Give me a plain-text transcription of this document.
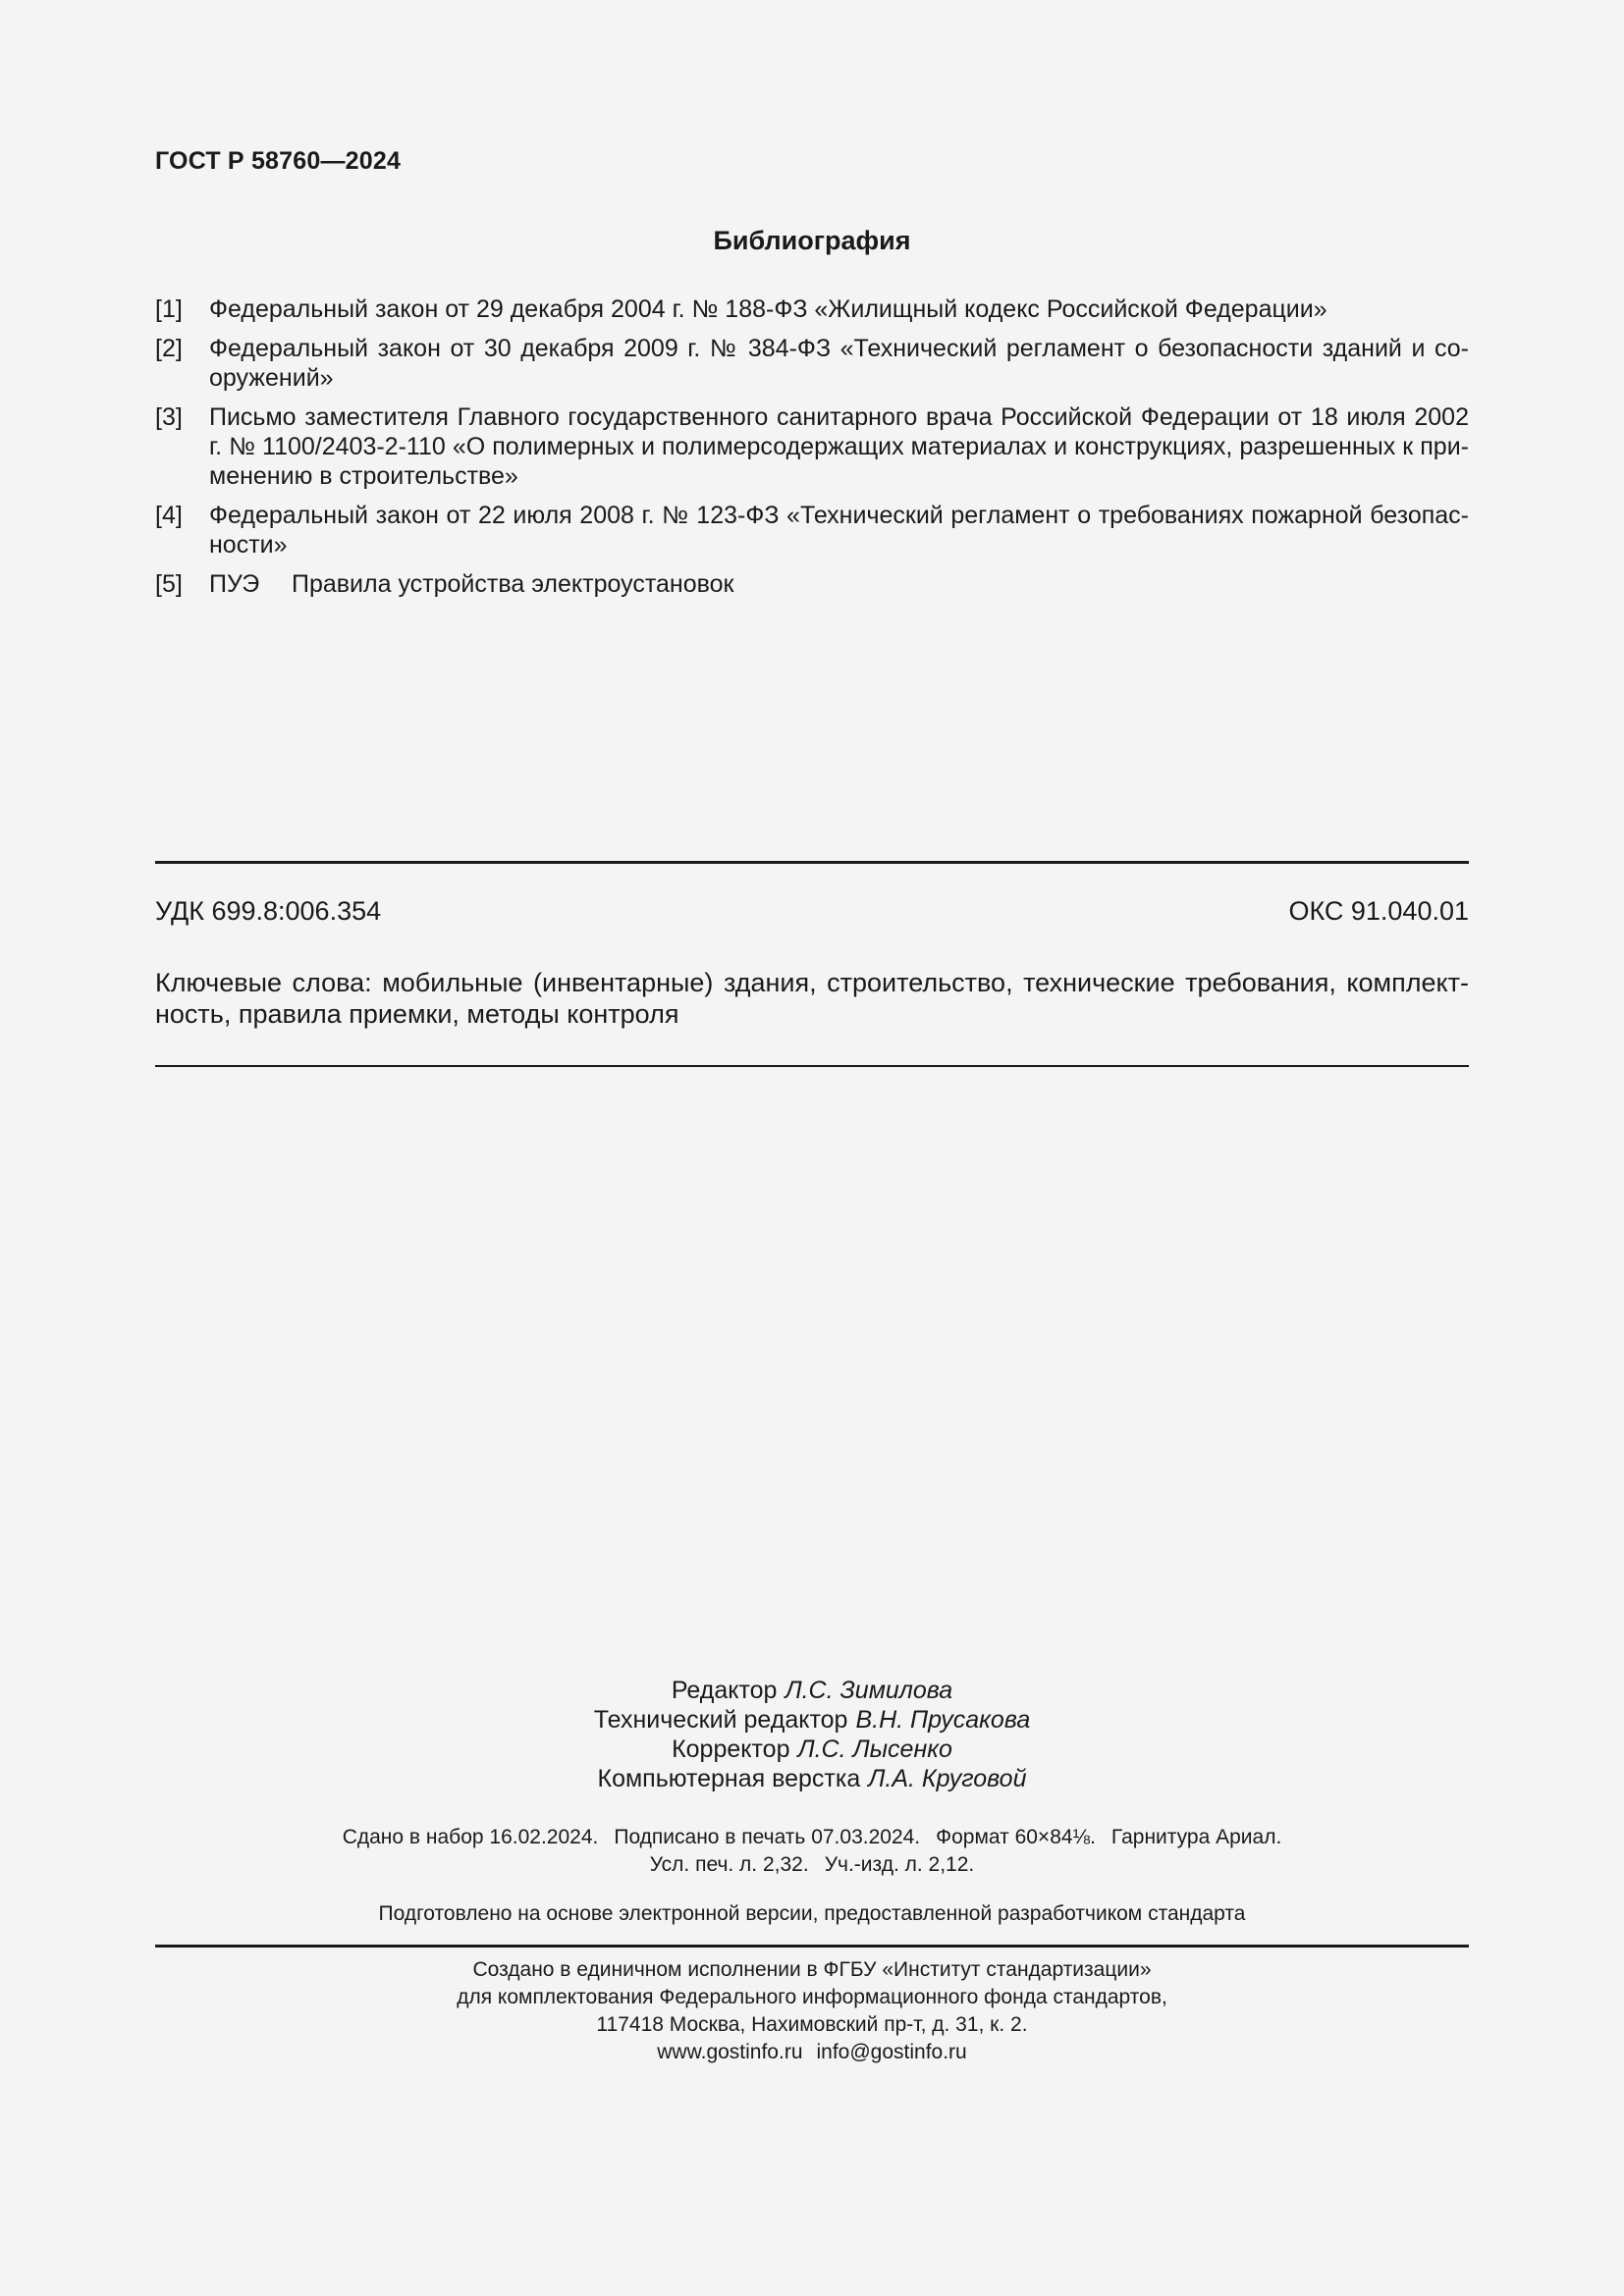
ГОСТ Р 58760—2024
Библиография
[1] Федеральный закон от 29 декабря 2004 г. № 188-ФЗ «Жилищный кодекс Российской Федерации»
[2] Федеральный закон от 30 декабря 2009 г. № 384-ФЗ «Технический регламент о безопасности зданий и сооружений»
[3] Письмо заместителя Главного государственного санитарного врача Российской Федерации от 18 июля 2002 г. № 1100/2403-2-110 «О полимерных и полимерсодержащих материалах и конструкциях, разрешенных к применению в строительстве»
[4] Федеральный закон от 22 июля 2008 г. № 123-ФЗ «Технический регламент о требованиях пожарной безопасности»
[5] ПУЭ Правила устройства электроустановок
УДК 699.8:006.354	ОКС 91.040.01
Ключевые слова: мобильные (инвентарные) здания, строительство, технические требования, комплектность, правила приемки, методы контроля
Редактор Л.С. Зимилова
Технический редактор В.Н. Прусакова
Корректор Л.С. Лысенко
Компьютерная верстка Л.А. Круговой
Сдано в набор 16.02.2024. Подписано в печать 07.03.2024. Формат 60×84⅛. Гарнитура Ариал.
Усл. печ. л. 2,32. Уч.-изд. л. 2,12.
Подготовлено на основе электронной версии, предоставленной разработчиком стандарта
Создано в единичном исполнении в ФГБУ «Институт стандартизации»
для комплектования Федерального информационного фонда стандартов,
117418 Москва, Нахимовский пр-т, д. 31, к. 2.
www.gostinfo.ru info@gostinfo.ru
